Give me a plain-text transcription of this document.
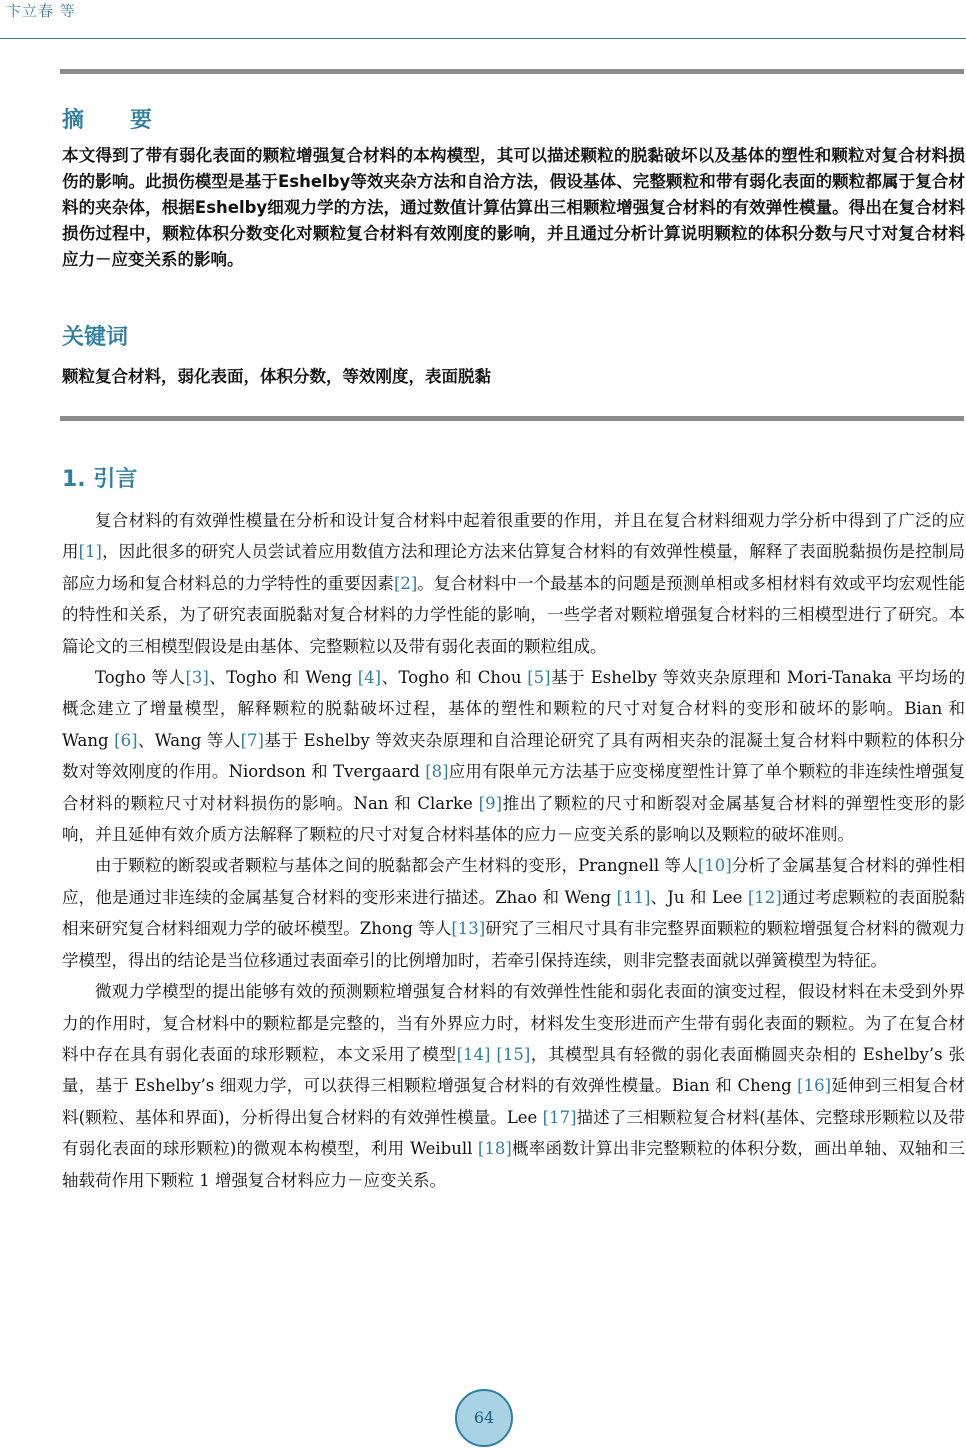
卞立春 等
摘　要
本文得到了带有弱化表面的颗粒增强复合材料的本构模型，其可以描述颗粒的脱黏破坏以及基体的塑性和颗粒对复合材料损伤的影响。此损伤模型是基于Eshelby等效夹杂方法和自洽方法，假设基体、完整颗粒和带有弱化表面的颗粒都属于复合材料的夹杂体，根据Eshelby细观力学的方法，通过数值计算估算出三相颗粒增强复合材料的有效弹性模量。得出在复合材料损伤过程中，颗粒体积分数变化对颗粒复合材料有效刚度的影响，并且通过分析计算说明颗粒的体积分数与尺寸对复合材料应力－应变关系的影响。
关键词
颗粒复合材料，弱化表面，体积分数，等效刚度，表面脱黏
1. 引言

复合材料的有效弹性模量在分析和设计复合材料中起着很重要的作用，并且在复合材料细观力学分析中得到了广泛的应用[1]，因此很多的研究人员尝试着应用数值方法和理论方法来估算复合材料的有效弹性模量，解释了表面脱黏损伤是控制局部应力场和复合材料总的力学特性的重要因素[2]。复合材料中一个最基本的问题是预测单相或多相材料有效或平均宏观性能的特性和关系，为了研究表面脱黏对复合材料的力学性能的影响，一些学者对颗粒增强复合材料的三相模型进行了研究。本篇论文的三相模型假设是由基体、完整颗粒以及带有弱化表面的颗粒组成。

Togho 等人[3]、Togho 和 Weng [4]、Togho 和 Chou [5]基于 Eshelby 等效夹杂原理和 Mori-Tanaka 平均场的概念建立了增量模型，解释颗粒的脱黏破坏过程，基体的塑性和颗粒的尺寸对复合材料的变形和破坏的影响。Bian 和 Wang [6]、Wang 等人[7]基于 Eshelby 等效夹杂原理和自洽理论研究了具有两相夹杂的混凝土复合材料中颗粒的体积分数对等效刚度的作用。Niordson 和 Tvergaard [8]应用有限单元方法基于应变梯度塑性计算了单个颗粒的非连续性增强复合材料的颗粒尺寸对材料损伤的影响。Nan 和 Clarke [9]推出了颗粒的尺寸和断裂对金属基复合材料的弹塑性变形的影响，并且延伸有效介质方法解释了颗粒的尺寸对复合材料基体的应力－应变关系的影响以及颗粒的破坏准则。

由于颗粒的断裂或者颗粒与基体之间的脱黏都会产生材料的变形，Prangnell 等人[10]分析了金属基复合材料的弹性相应，他是通过非连续的金属基复合材料的变形来进行描述。Zhao 和 Weng [11]、Ju 和 Lee [12]通过考虑颗粒的表面脱黏相来研究复合材料细观力学的破坏模型。Zhong 等人[13]研究了三相尺寸具有非完整界面颗粒的颗粒增强复合材料的微观力学模型，得出的结论是当位移通过表面牵引的比例增加时，若牵引保持连续，则非完整表面就以弹簧模型为特征。

微观力学模型的提出能够有效的预测颗粒增强复合材料的有效弹性性能和弱化表面的演变过程，假设材料在未受到外界力的作用时，复合材料中的颗粒都是完整的，当有外界应力时，材料发生变形进而产生带有弱化表面的颗粒。为了在复合材料中存在具有弱化表面的球形颗粒，本文采用了模型[14] [15]，其模型具有轻微的弱化表面椭圆夹杂相的 Eshelby’s 张量，基于 Eshelby’s 细观力学，可以获得三相颗粒增强复合材料的有效弹性模量。Bian 和 Cheng [16]延伸到三相复合材料(颗粒、基体和界面)，分析得出复合材料的有效弹性模量。Lee [17]描述了三相颗粒复合材料(基体、完整球形颗粒以及带有弱化表面的球形颗粒)的微观本构模型，利用 Weibull [18]概率函数计算出非完整颗粒的体积分数，画出单轴、双轴和三轴载荷作用下颗粒 1 增强复合材料应力－应变关系。

64
